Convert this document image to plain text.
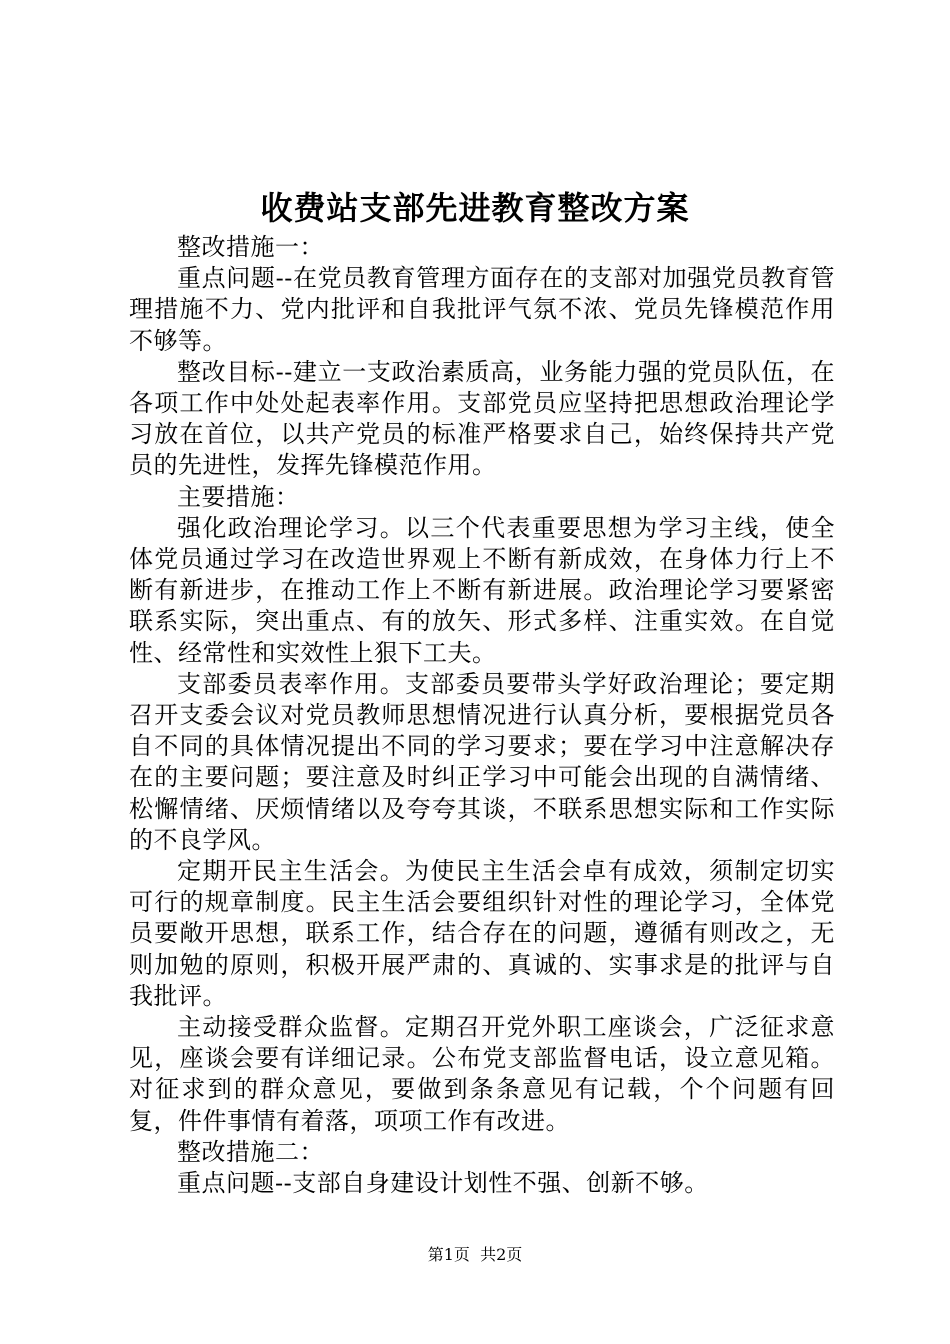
收费站支部先进教育整改方案

整改措施一：

重点问题--在党员教育管理方面存在的支部对加强党员教育管理措施不力、党内批评和自我批评气氛不浓、党员先锋模范作用不够等。

整改目标--建立一支政治素质高，业务能力强的党员队伍，在各项工作中处处起表率作用。支部党员应坚持把思想政治理论学习放在首位，以共产党员的标准严格要求自己，始终保持共产党员的先进性，发挥先锋模范作用。

主要措施：

强化政治理论学习。以三个代表重要思想为学习主线，使全体党员通过学习在改造世界观上不断有新成效，在身体力行上不断有新进步，在推动工作上不断有新进展。政治理论学习要紧密联系实际，突出重点、有的放矢、形式多样、注重实效。在自觉性、经常性和实效性上狠下工夫。

支部委员表率作用。支部委员要带头学好政治理论；要定期召开支委会议对党员教师思想情况进行认真分析，要根据党员各自不同的具体情况提出不同的学习要求；要在学习中注意解决存在的主要问题；要注意及时纠正学习中可能会出现的自满情绪、松懈情绪、厌烦情绪以及夸夸其谈，不联系思想实际和工作实际的不良学风。

定期开民主生活会。为使民主生活会卓有成效，须制定切实可行的规章制度。民主生活会要组织针对性的理论学习，全体党员要敞开思想，联系工作，结合存在的问题，遵循有则改之，无则加勉的原则，积极开展严肃的、真诚的、实事求是的批评与自我批评。

主动接受群众监督。定期召开党外职工座谈会，广泛征求意见，座谈会要有详细记录。公布党支部监督电话，设立意见箱。对征求到的群众意见，要做到条条意见有记载，个个问题有回复，件件事情有着落，项项工作有改进。

整改措施二：

重点问题--支部自身建设计划性不强、创新不够。

第1页  共2页
